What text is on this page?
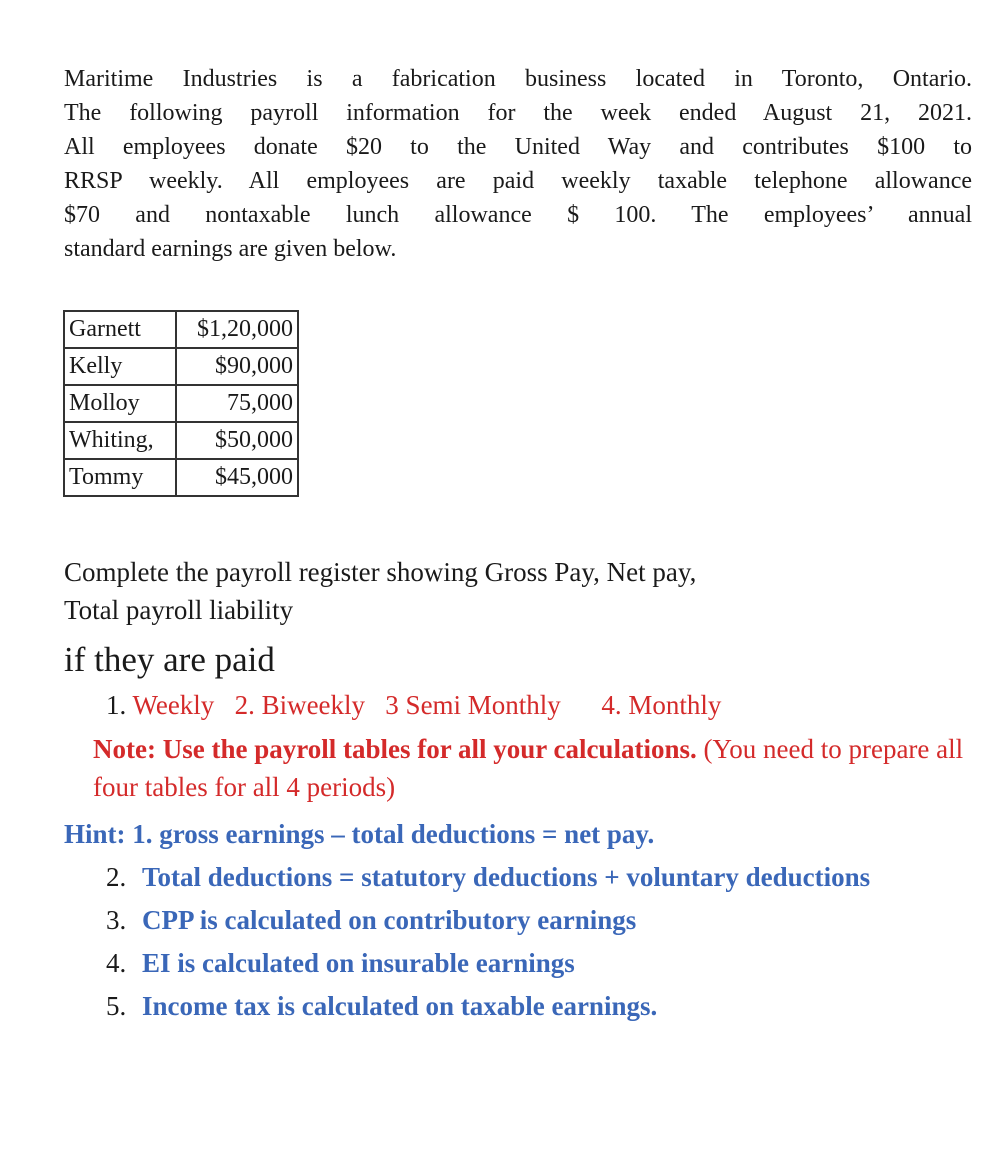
Maritime Industries is a fabrication business located in Toronto, Ontario.
The following payroll information for the week ended August 21, 2021.
All employees donate $20 to the United Way and contributes $100 to
RRSP weekly. All employees are paid weekly taxable telephone allowance
$70 and nontaxable lunch allowance $ 100. The employees’ annual
standard earnings are given below.

Garnett	$1,20,000
Kelly	$90,000
Molloy	75,000
Whiting,	$50,000
Tommy	$45,000

Complete the payroll register showing Gross Pay, Net pay,
Total payroll liability

if they are paid
1. Weekly 2. Biweekly 3 Semi Monthly 4. Monthly
Note: Use the payroll tables for all your calculations. (You need to prepare all four tables for all 4 periods)
Hint: 1. gross earnings – total deductions = net pay.
2. Total deductions = statutory deductions + voluntary deductions
3. CPP is calculated on contributory earnings
4. EI is calculated on insurable earnings
5. Income tax is calculated on taxable earnings.
